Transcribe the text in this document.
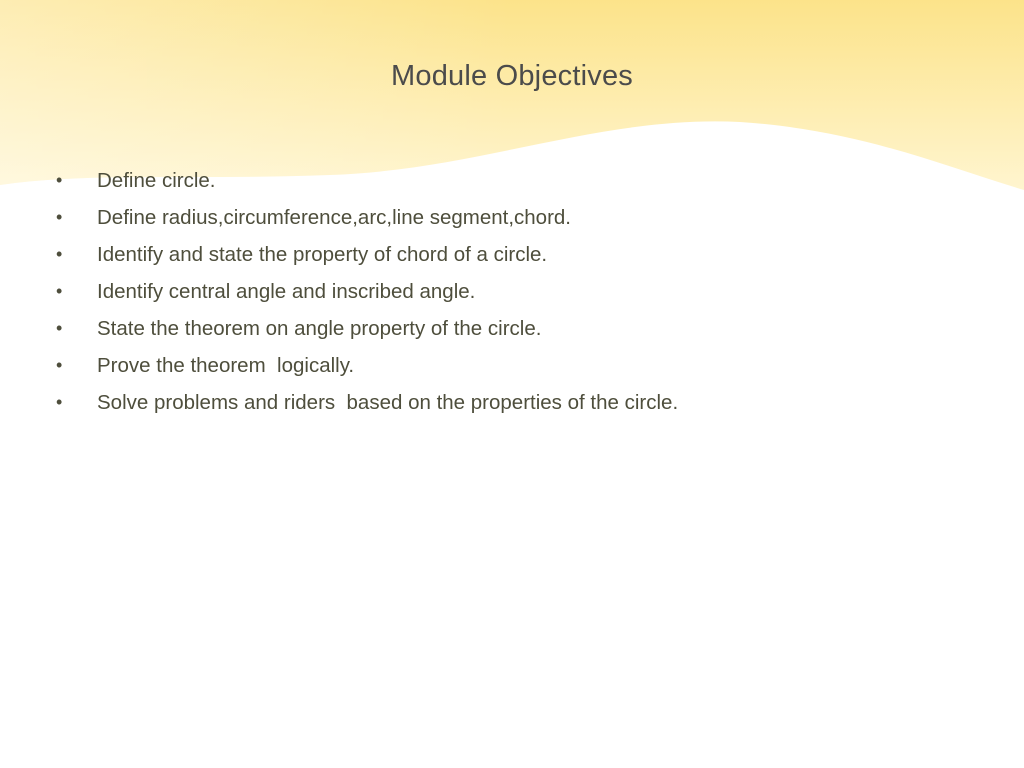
Module Objectives
•	Define circle.
•	Define radius,circumference,arc,line segment,chord.
•	Identify and state the property of chord of a circle.
•	Identify central angle and inscribed angle.
•	State the theorem on angle property of the circle.
•	Prove the theorem  logically.
•	Solve problems and riders  based on the properties of the circle.
